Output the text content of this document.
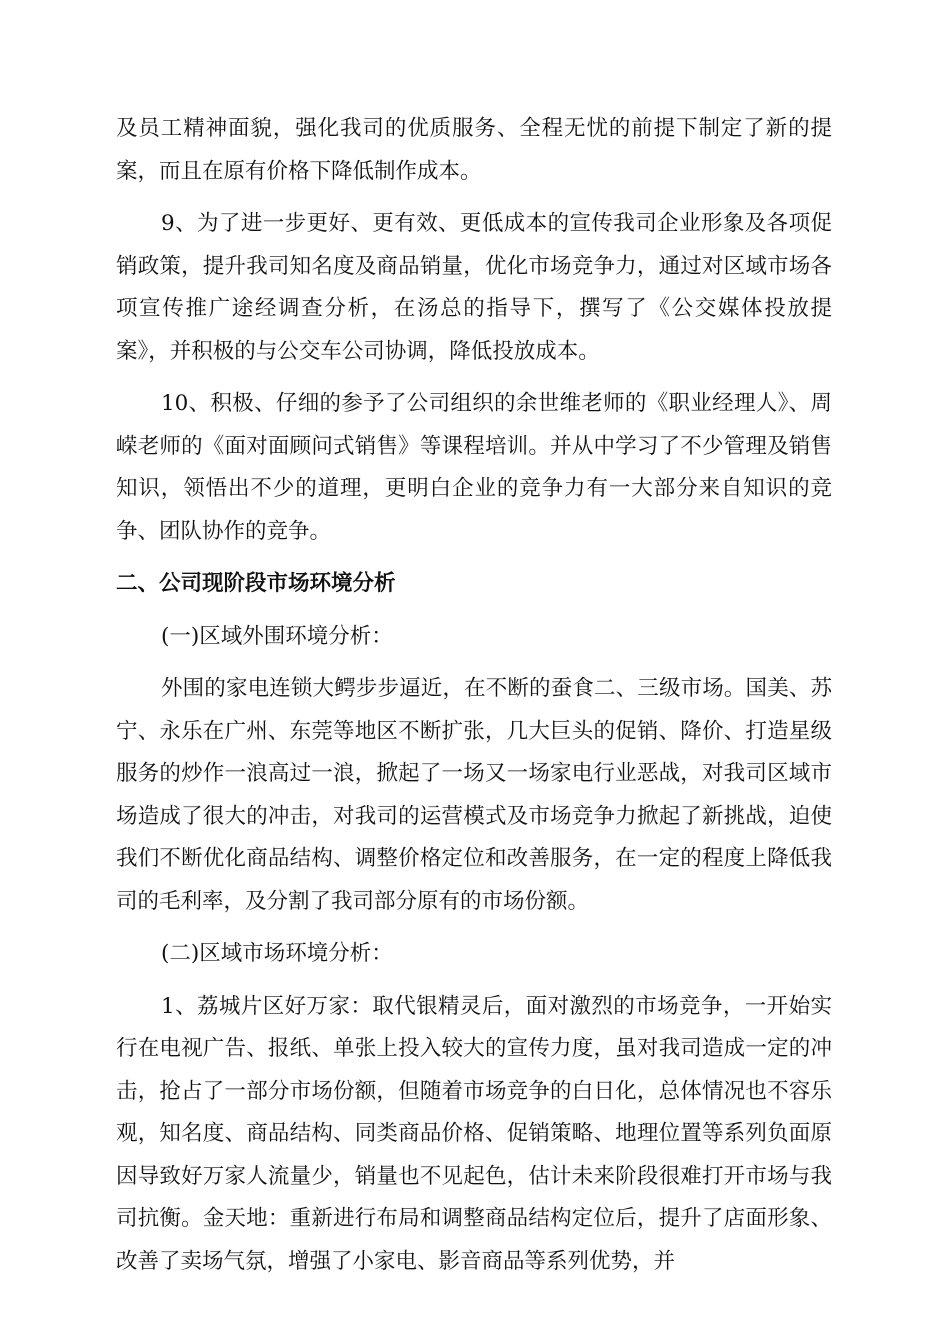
及员工精神面貌，强化我司的优质服务、全程无忧的前提下制定了新的提案，而且在原有价格下降低制作成本。

9、为了进一步更好、更有效、更低成本的宣传我司企业形象及各项促销政策，提升我司知名度及商品销量，优化市场竞争力，通过对区域市场各项宣传推广途经调查分析，在汤总的指导下，撰写了《公交媒体投放提案》，并积极的与公交车公司协调，降低投放成本。

10、积极、仔细的参予了公司组织的余世维老师的《职业经理人》、周嵘老师的《面对面顾问式销售》等课程培训。并从中学习了不少管理及销售知识，领悟出不少的道理，更明白企业的竞争力有一大部分来自知识的竞争、团队协作的竞争。

二、公司现阶段市场环境分析

(一)区域外围环境分析：

外围的家电连锁大鳄步步逼近，在不断的蚕食二、三级市场。国美、苏宁、永乐在广州、东莞等地区不断扩张，几大巨头的促销、降价、打造星级服务的炒作一浪高过一浪，掀起了一场又一场家电行业恶战，对我司区域市场造成了很大的冲击，对我司的运营模式及市场竞争力掀起了新挑战，迫使我们不断优化商品结构、调整价格定位和改善服务，在一定的程度上降低我司的毛利率，及分割了我司部分原有的市场份额。

(二)区域市场环境分析：

1、荔城片区好万家：取代银精灵后，面对激烈的市场竞争，一开始实行在电视广告、报纸、单张上投入较大的宣传力度，虽对我司造成一定的冲击，抢占了一部分市场份额，但随着市场竞争的白日化，总体情况也不容乐观，知名度、商品结构、同类商品价格、促销策略、地理位置等系列负面原因导致好万家人流量少，销量也不见起色，估计未来阶段很难打开市场与我司抗衡。金天地：重新进行布局和调整商品结构定位后，提升了店面形象、改善了卖场气氛，增强了小家电、影音商品等系列优势，并
